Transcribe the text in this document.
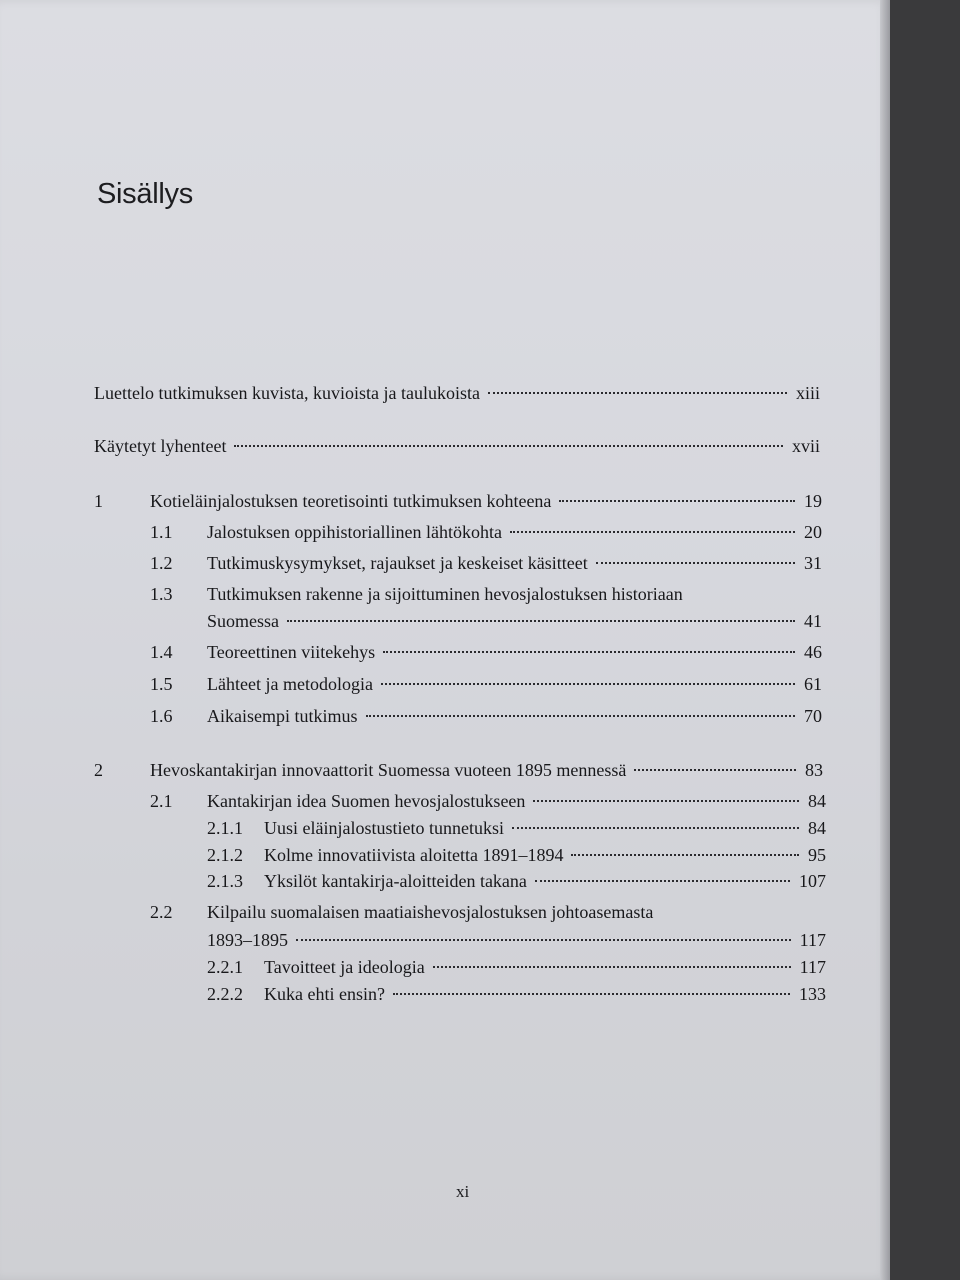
Sisällys
Luettelo tutkimuksen kuvista, kuvioista ja taulukoista	xiii
Käytetyt lyhenteet	xvii
1	Kotieläinjalostuksen teoretisointi tutkimuksen kohteena	19
1.1	Jalostuksen oppihistoriallinen lähtökohta	20
1.2	Tutkimuskysymykset, rajaukset ja keskeiset käsitteet	31
1.3	Tutkimuksen rakenne ja sijoittuminen hevosjalostuksen historiaan
Suomessa	41
1.4	Teoreettinen viitekehys	46
1.5	Lähteet ja metodologia	61
1.6	Aikaisempi tutkimus	70
2	Hevoskantakirjan innovaattorit Suomessa vuoteen 1895 mennessä	83
2.1	Kantakirjan idea Suomen hevosjalostukseen	84
2.1.1	Uusi eläinjalostustieto tunnetuksi	84
2.1.2	Kolme innovatiivista aloitetta 1891–1894	95
2.1.3	Yksilöt kantakirja-aloitteiden takana	107
2.2	Kilpailu suomalaisen maatiaishevosjalostuksen johtoasemasta
1893–1895	117
2.2.1	Tavoitteet ja ideologia	117
2.2.2	Kuka ehti ensin?	133
xi
